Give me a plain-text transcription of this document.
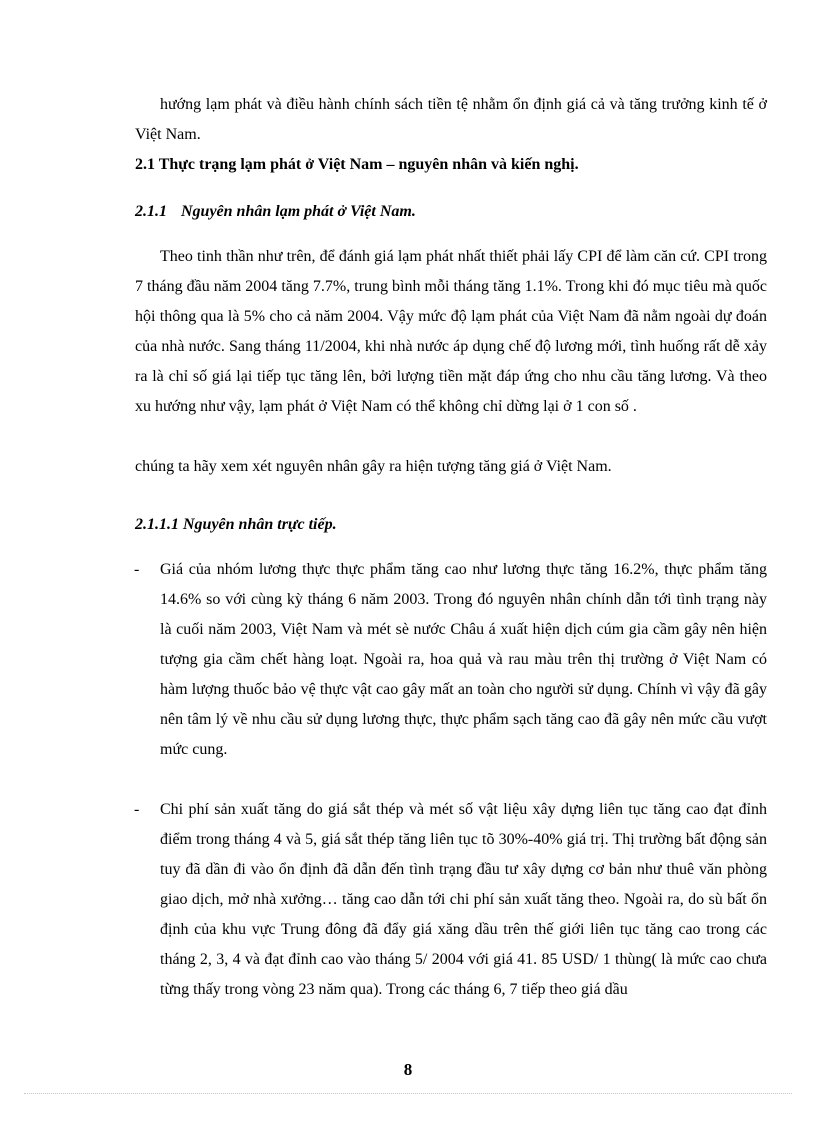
hướng lạm phát và điều hành chính sách tiền tệ nhằm ổn định giá cả và tăng trưởng kinh tế ở Việt Nam.

2.1 Thực trạng lạm phát ở Việt Nam – nguyên nhân và kiến nghị.

2.1.1 Nguyên nhân lạm phát ở Việt Nam.

Theo tinh thần như trên, để đánh giá lạm phát nhất thiết phải lấy CPI để làm căn cứ. CPI trong 7 tháng đầu năm 2004 tăng 7.7%, trung bình mỗi tháng tăng 1.1%. Trong khi đó mục tiêu mà quốc hội thông qua là 5% cho cả năm 2004. Vậy mức độ lạm phát của Việt Nam đã nằm ngoài dự đoán của nhà nước. Sang tháng 11/2004, khi nhà nước áp dụng chế độ lương mới, tình huống rất dễ xảy ra là chỉ số giá lại tiếp tục tăng lên, bởi lượng tiền mặt đáp ứng cho nhu cầu tăng lương. Và theo xu hướng như vậy, lạm phát ở Việt Nam có thể không chỉ dừng lại ở 1 con số .

chúng ta hãy xem xét nguyên nhân gây ra hiện tượng tăng giá ở Việt Nam.

2.1.1.1 Nguyên nhân trực tiếp.

- Giá của nhóm lương thực thực phẩm tăng cao như lương thực tăng 16.2%, thực phẩm tăng 14.6% so với cùng kỳ tháng 6 năm 2003. Trong đó nguyên nhân chính dẫn tới tình trạng này là cuối năm 2003, Việt Nam và mét sè nước Châu á xuất hiện dịch cúm gia cầm gây nên hiện tượng gia cầm chết hàng loạt. Ngoài ra, hoa quả và rau màu trên thị trường ở Việt Nam có hàm lượng thuốc bảo vệ thực vật cao gây mất an toàn cho người sử dụng. Chính vì vậy đã gây nên tâm lý về nhu cầu sử dụng lương thực, thực phẩm sạch tăng cao đã gây nên mức cầu vượt mức cung.
- Chi phí sản xuất tăng do giá sắt thép và mét số vật liệu xây dựng liên tục tăng cao đạt đỉnh điểm trong tháng 4 và 5, giá sắt thép tăng liên tục tõ 30%-40% giá trị. Thị trường bất động sản tuy đã dần đi vào ổn định đã dẫn đến tình trạng đầu tư xây dựng cơ bản như thuê văn phòng giao dịch, mở nhà xưởng… tăng cao dẫn tới chi phí sản xuất tăng theo. Ngoài ra, do sù bất ổn định của khu vực Trung đông đã đẩy giá xăng dầu trên thế giới liên tục tăng cao trong các tháng 2, 3, 4 và đạt đỉnh cao vào tháng 5/ 2004 với giá 41. 85 USD/ 1 thùng( là mức cao chưa từng thấy trong vòng 23 năm qua). Trong các tháng 6, 7 tiếp theo giá dầu

8
